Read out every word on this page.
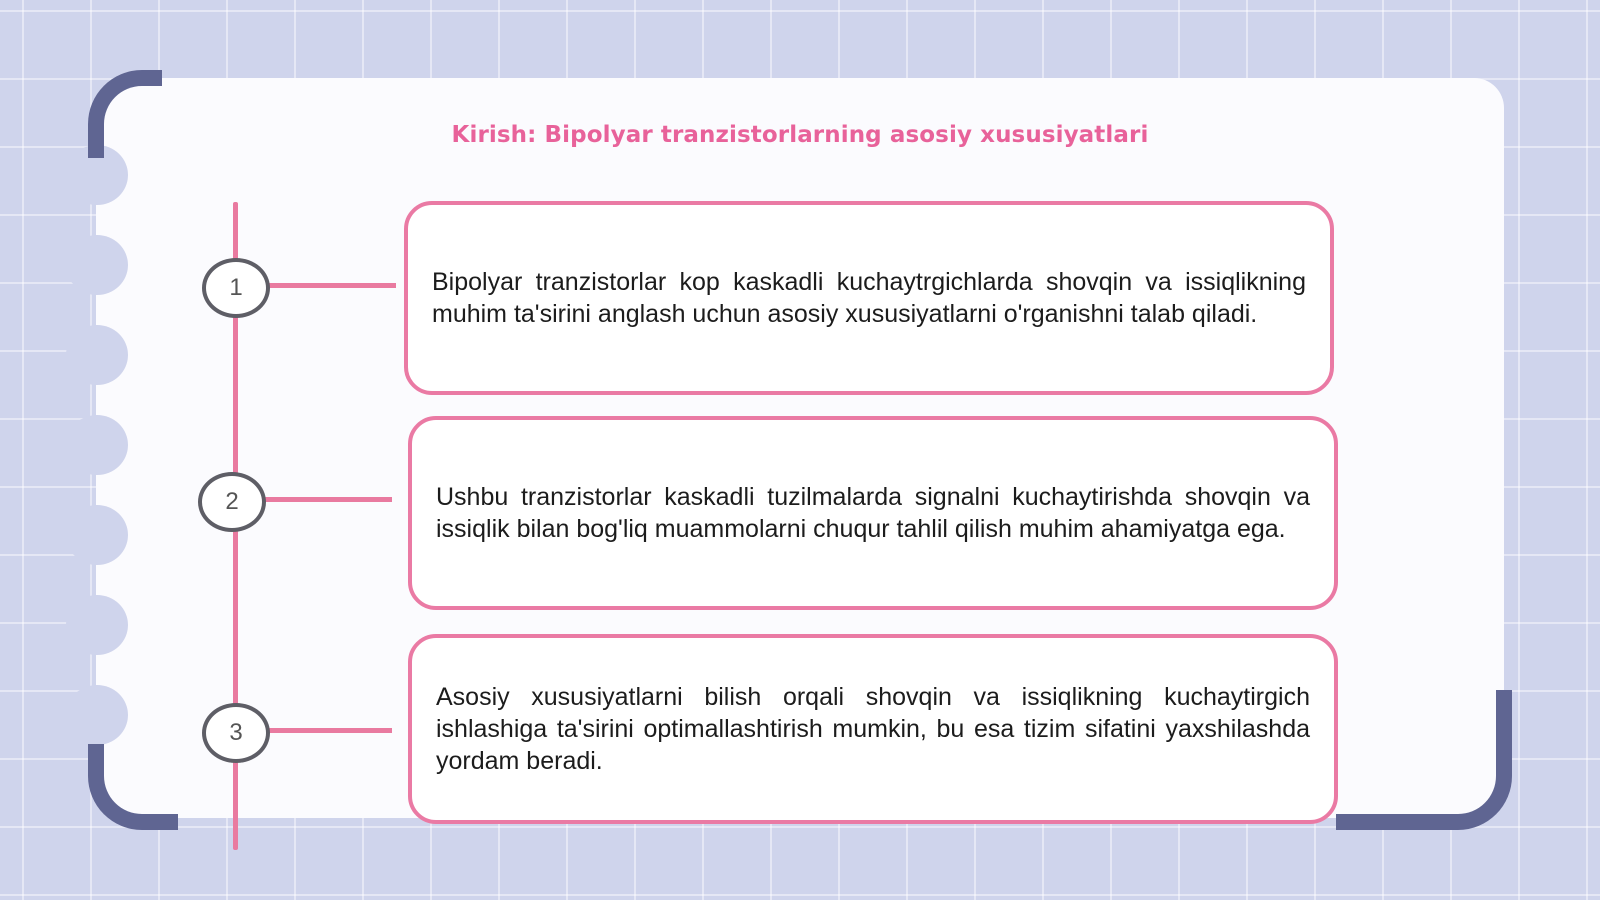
Kirish: Bipolyar tranzistorlarning asosiy xususiyatlari
1	Bipolyar tranzistorlar kop kaskadli kuchaytrgichlarda shovqin va issiqlikning muhim ta'sirini anglash uchun asosiy xususiyatlarni o'rganishni talab qiladi.

2	Ushbu tranzistorlar kaskadli tuzilmalarda signalni kuchaytirishda shovqin va issiqlik bilan bog'liq muammolarni chuqur tahlil qilish muhim ahamiyatga ega.

3

Asosiy xususiyatlarni bilish orqali shovqin va issiqlikning kuchaytirgich ishlashiga ta'sirini optimallashtirish mumkin, bu esa tizim sifatini yaxshilashda yordam beradi.
